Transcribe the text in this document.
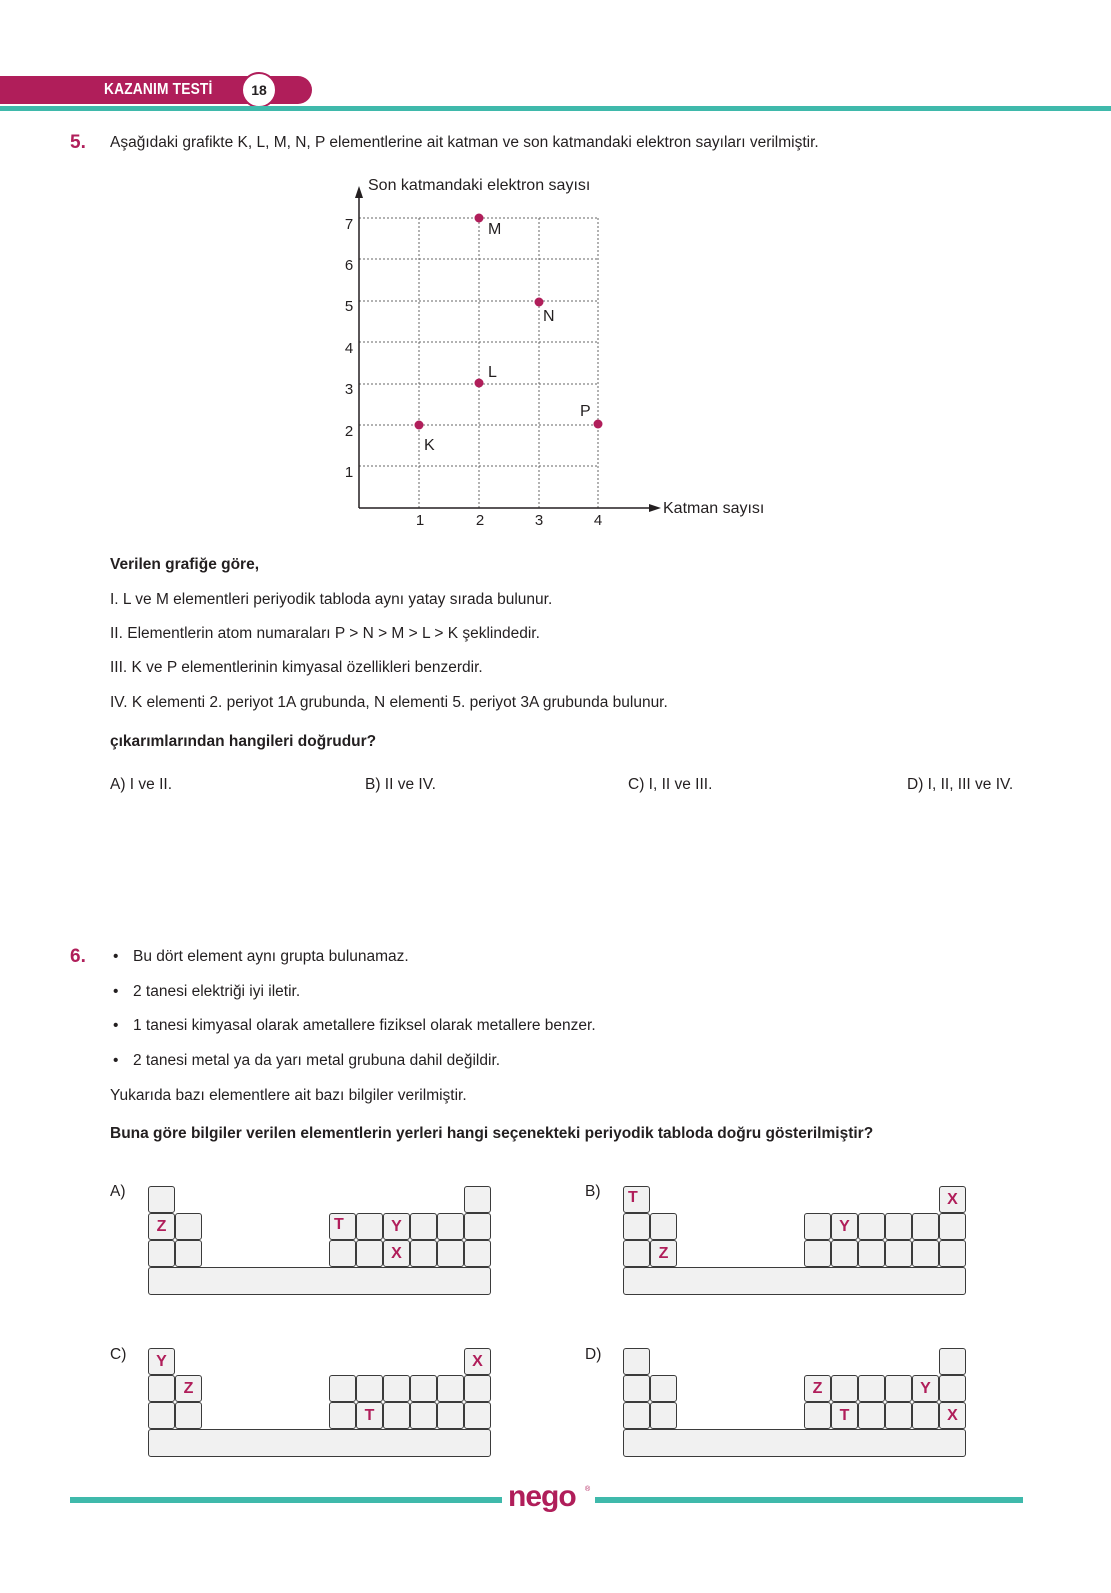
KAZANIM TESTİ	18
5. Aşağıdaki grafikte K, L, M, N, P elementlerine ait katman ve son katmandaki elektron sayıları verilmiştir.
7
6
5
4
3
2
1
1	2	3	4
Son katmandaki elektron sayısı
Katman sayısı
K
L
M
N
P
Verilen grafiğe göre,
I. L ve M elementleri periyodik tabloda aynı yatay sırada bulunur.
II. Elementlerin atom numaraları P > N > M > L > K şeklindedir.
III. K ve P elementlerinin kimyasal özellikleri benzerdir.
IV. K elementi 2. periyot 1A grubunda, N elementi 5. periyot 3A grubunda bulunur.
çıkarımlarından hangileri doğrudur?
A) I ve II.	B) II ve IV.	C) I, II ve III.	D) I, II, III ve IV.
6. • Bu dört element aynı grupta bulunamaz.
• 2 tanesi elektriği iyi iletir.
• 1 tanesi kimyasal olarak ametallere fiziksel olarak metallere benzer.
• 2 tanesi metal ya da yarı metal grubuna dahil değildir.
Yukarıda bazı elementlere ait bazı bilgiler verilmiştir.
Buna göre bilgiler verilen elementlerin yerleri hangi seçenekteki periyodik tabloda doğru gösterilmiştir?
A)
Z	T	Y
X
B)	T	X
Y
Z
C)	Y	X
Z
T
D)
Z	Y
T	X
nego ®
